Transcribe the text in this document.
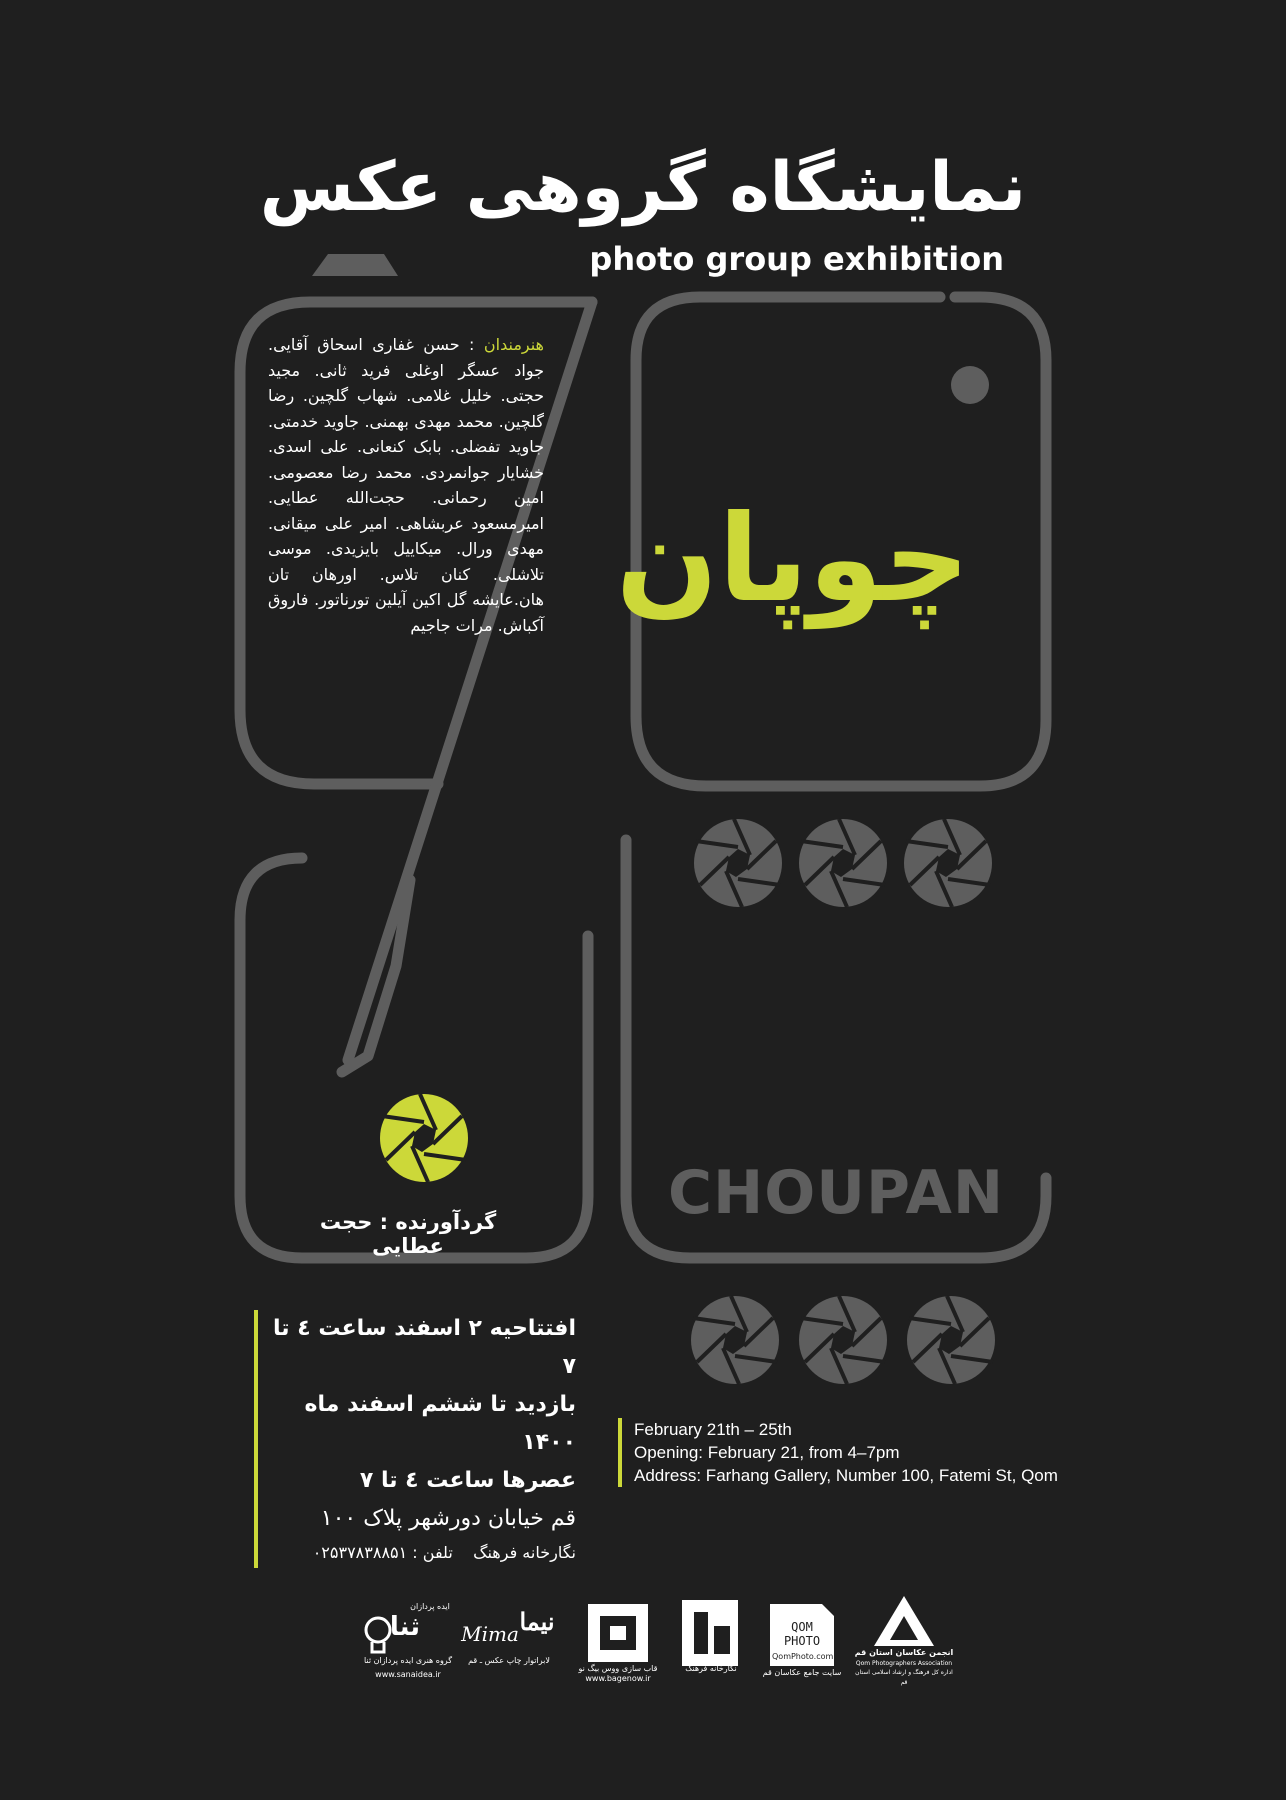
نمایشگاه گروهی عکس
photo group exhibition
هنرمندان : حسن غفاری اسحاق آقایی. جواد عسگر اوغلی فرید ثانی. مجید حجتی. خلیل غلامی. شهاب گلچین. رضا گلچین. محمد مهدی بهمنی. جاوید خدمتی. جاوید تفضلی. بابک کنعانی. علی اسدی. خشایار جوانمردی. محمد رضا معصومی. امین رحمانی. حجت‌الله عطایی. امیرمسعود عربشاهی. امیر علی میقانی. مهدی ورال. میکاییل بایزیدی. موسی تلاشلی. کنان تلاس. اورهان تان هان.عایشه گل اکین آیلین تورناتور. فاروق آکباش. مرات جاجیم چوپان
CHOUPAN
گردآورنده : حجت عطایی
افتتاحیه ۲ اسفند ساعت ٤ تا ۷
بازدید تا ششم اسفند ماه ۱۴۰۰
عصرها ساعت ٤ تا ۷
قم خیابان دورشهر پلاک ۱۰۰
نگارخانه فرهنگ    تلفن : ۰۲۵۳۷۸۳۸۸۵۱
February 21th – 25th
Opening: February 21, from 4–7pm
Address: Farhang Gallery, Number 100, Fatemi St, Qom
ایده پردازان
ثنا
گروه هنری ایده پردازان ثنا
www.sanaidea.ir
نیما
Mima
لابراتوار چاپ عکس ـ قم
قاب سازی ووس بیگ نو
www.bagenow.ir
نگارخانه فرهنگ
QOM
PHOTO
QomPhoto.com
سایت جامع عکاسان قم
انجمن عکاسان استان قم
Qom Photographers Association
اداره کل فرهنگ و ارشاد اسلامی استان قم
